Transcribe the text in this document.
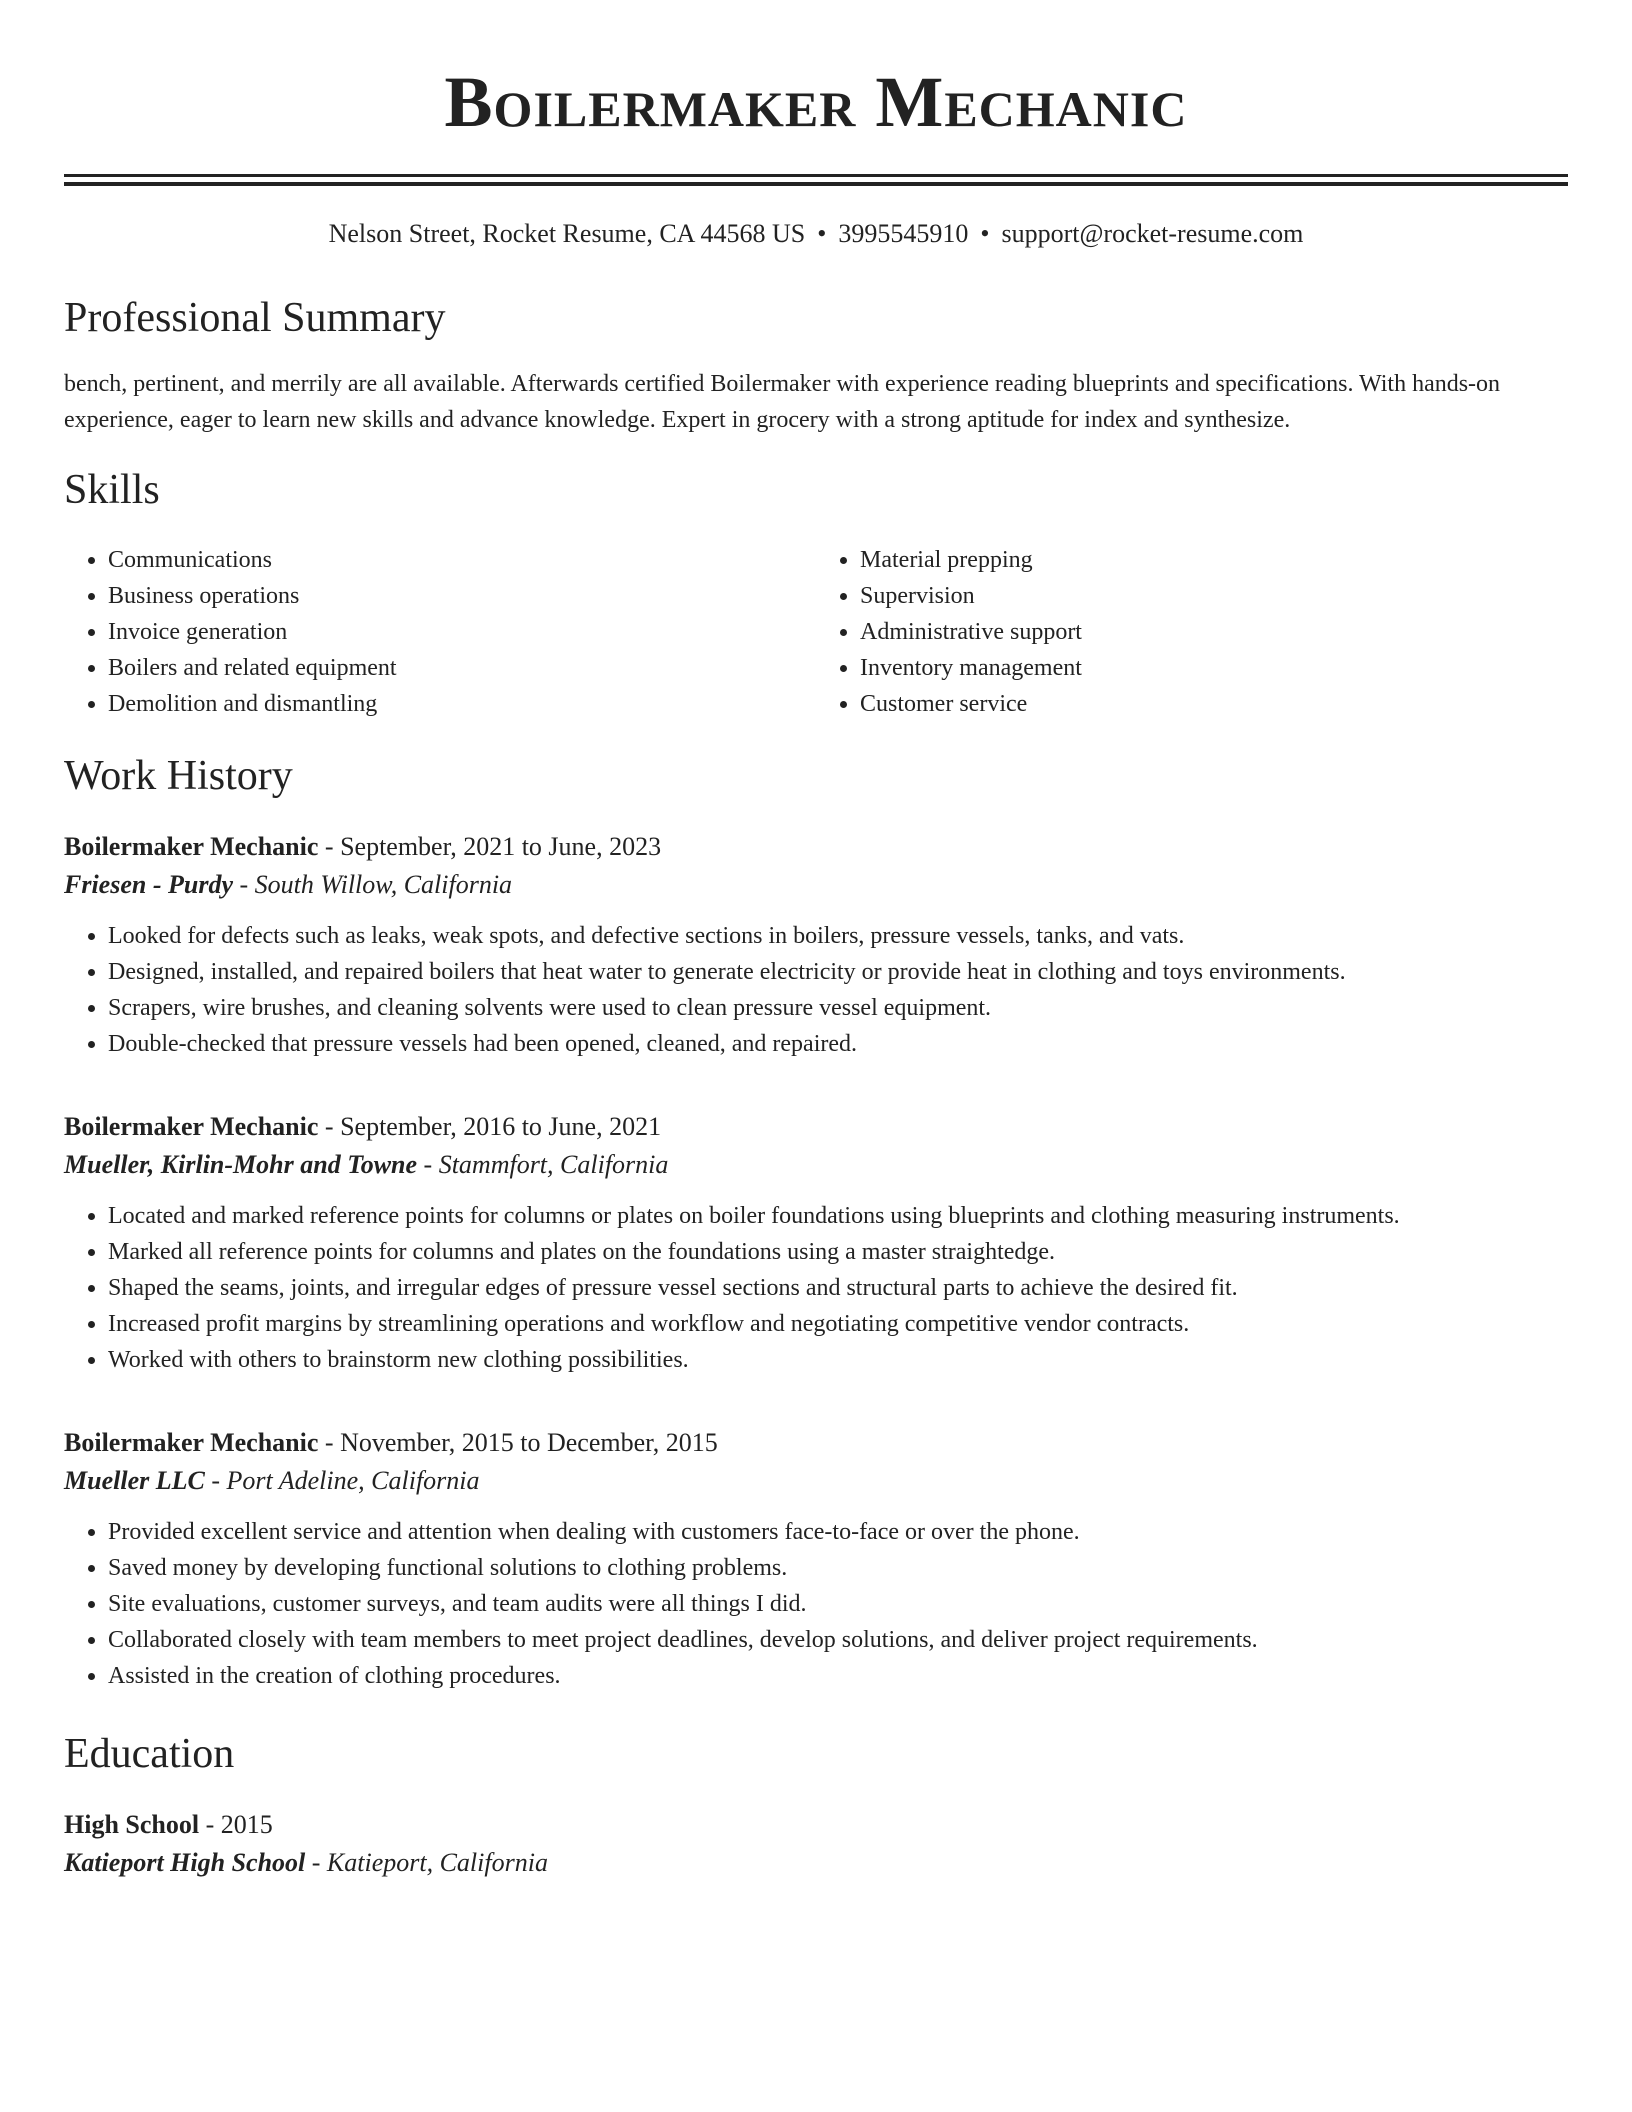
Boilermaker Mechanic
Nelson Street, Rocket Resume, CA 44568 US • 3995545910 • support@rocket-resume.com
Professional Summary
bench, pertinent, and merrily are all available. Afterwards certified Boilermaker with experience reading blueprints and specifications. With hands-on experience, eager to learn new skills and advance knowledge. Expert in grocery with a strong aptitude for index and synthesize.
Skills
• Communications
• Business operations
• Invoice generation
• Boilers and related equipment
• Demolition and dismantling
• Material prepping
• Supervision
• Administrative support
• Inventory management
• Customer service
Work History
Boilermaker Mechanic - September, 2021 to June, 2023
Friesen - Purdy - South Willow, California
• Looked for defects such as leaks, weak spots, and defective sections in boilers, pressure vessels, tanks, and vats.
• Designed, installed, and repaired boilers that heat water to generate electricity or provide heat in clothing and toys environments.
• Scrapers, wire brushes, and cleaning solvents were used to clean pressure vessel equipment.
• Double-checked that pressure vessels had been opened, cleaned, and repaired.
Boilermaker Mechanic - September, 2016 to June, 2021
Mueller, Kirlin-Mohr and Towne - Stammfort, California
• Located and marked reference points for columns or plates on boiler foundations using blueprints and clothing measuring instruments.
• Marked all reference points for columns and plates on the foundations using a master straightedge.
• Shaped the seams, joints, and irregular edges of pressure vessel sections and structural parts to achieve the desired fit.
• Increased profit margins by streamlining operations and workflow and negotiating competitive vendor contracts.
• Worked with others to brainstorm new clothing possibilities.
Boilermaker Mechanic - November, 2015 to December, 2015
Mueller LLC - Port Adeline, California
• Provided excellent service and attention when dealing with customers face-to-face or over the phone.
• Saved money by developing functional solutions to clothing problems.
• Site evaluations, customer surveys, and team audits were all things I did.
• Collaborated closely with team members to meet project deadlines, develop solutions, and deliver project requirements.
• Assisted in the creation of clothing procedures.
Education
High School - 2015
Katieport High School - Katieport, California
